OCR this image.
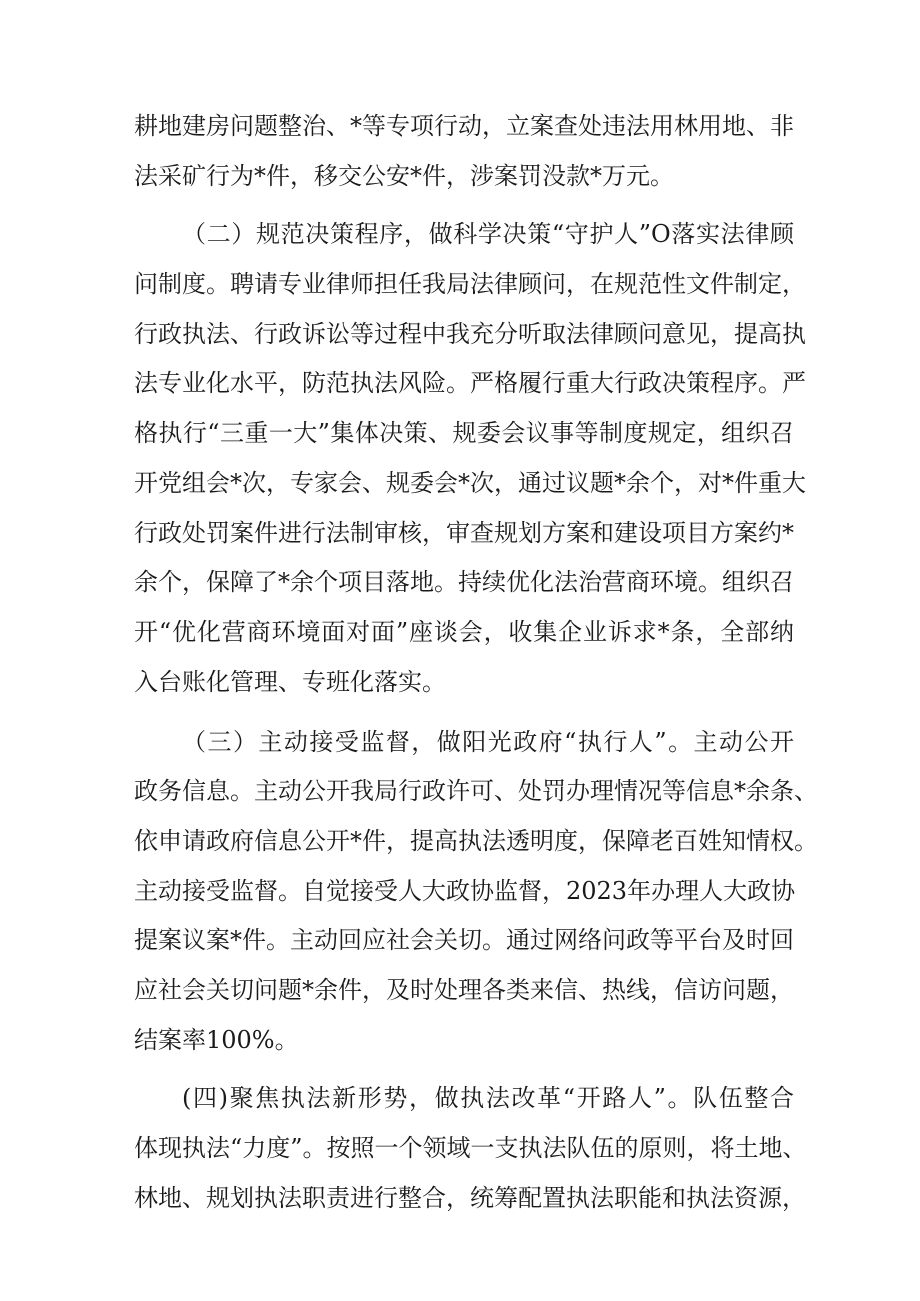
耕地建房问题整治、*等专项行动，立案查处违法用林用地、非
法采矿行为*件，移交公安*件，涉案罚没款*万元。
（二）规范决策程序，做科学决策“守护人”O落实法律顾
问制度。聘请专业律师担任我局法律顾问，在规范性文件制定，
行政执法、行政诉讼等过程中我充分听取法律顾问意见，提高执
法专业化水平，防范执法风险。严格履行重大行政决策程序。严
格执行“三重一大”集体决策、规委会议事等制度规定，组织召
开党组会*次，专家会、规委会*次，通过议题*余个，对*件重大
行政处罚案件进行法制审核，审查规划方案和建设项目方案约*
余个，保障了*余个项目落地。持续优化法治营商环境。组织召
开“优化营商环境面对面”座谈会，收集企业诉求*条，全部纳
入台账化管理、专班化落实。
（三）主动接受监督，做阳光政府“执行人”。主动公开
政务信息。主动公开我局行政许可、处罚办理情况等信息*余条、
依申请政府信息公开*件，提高执法透明度，保障老百姓知情权。
主动接受监督。自觉接受人大政协监督，2023年办理人大政协
提案议案*件。主动回应社会关切。通过网络问政等平台及时回
应社会关切问题*余件，及时处理各类来信、热线，信访问题，
结案率100%。
(四)聚焦执法新形势，做执法改革“开路人”。队伍整合
体现执法“力度”。按照一个领域一支执法队伍的原则，将土地、
林地、规划执法职责进行整合，统筹配置执法职能和执法资源，
